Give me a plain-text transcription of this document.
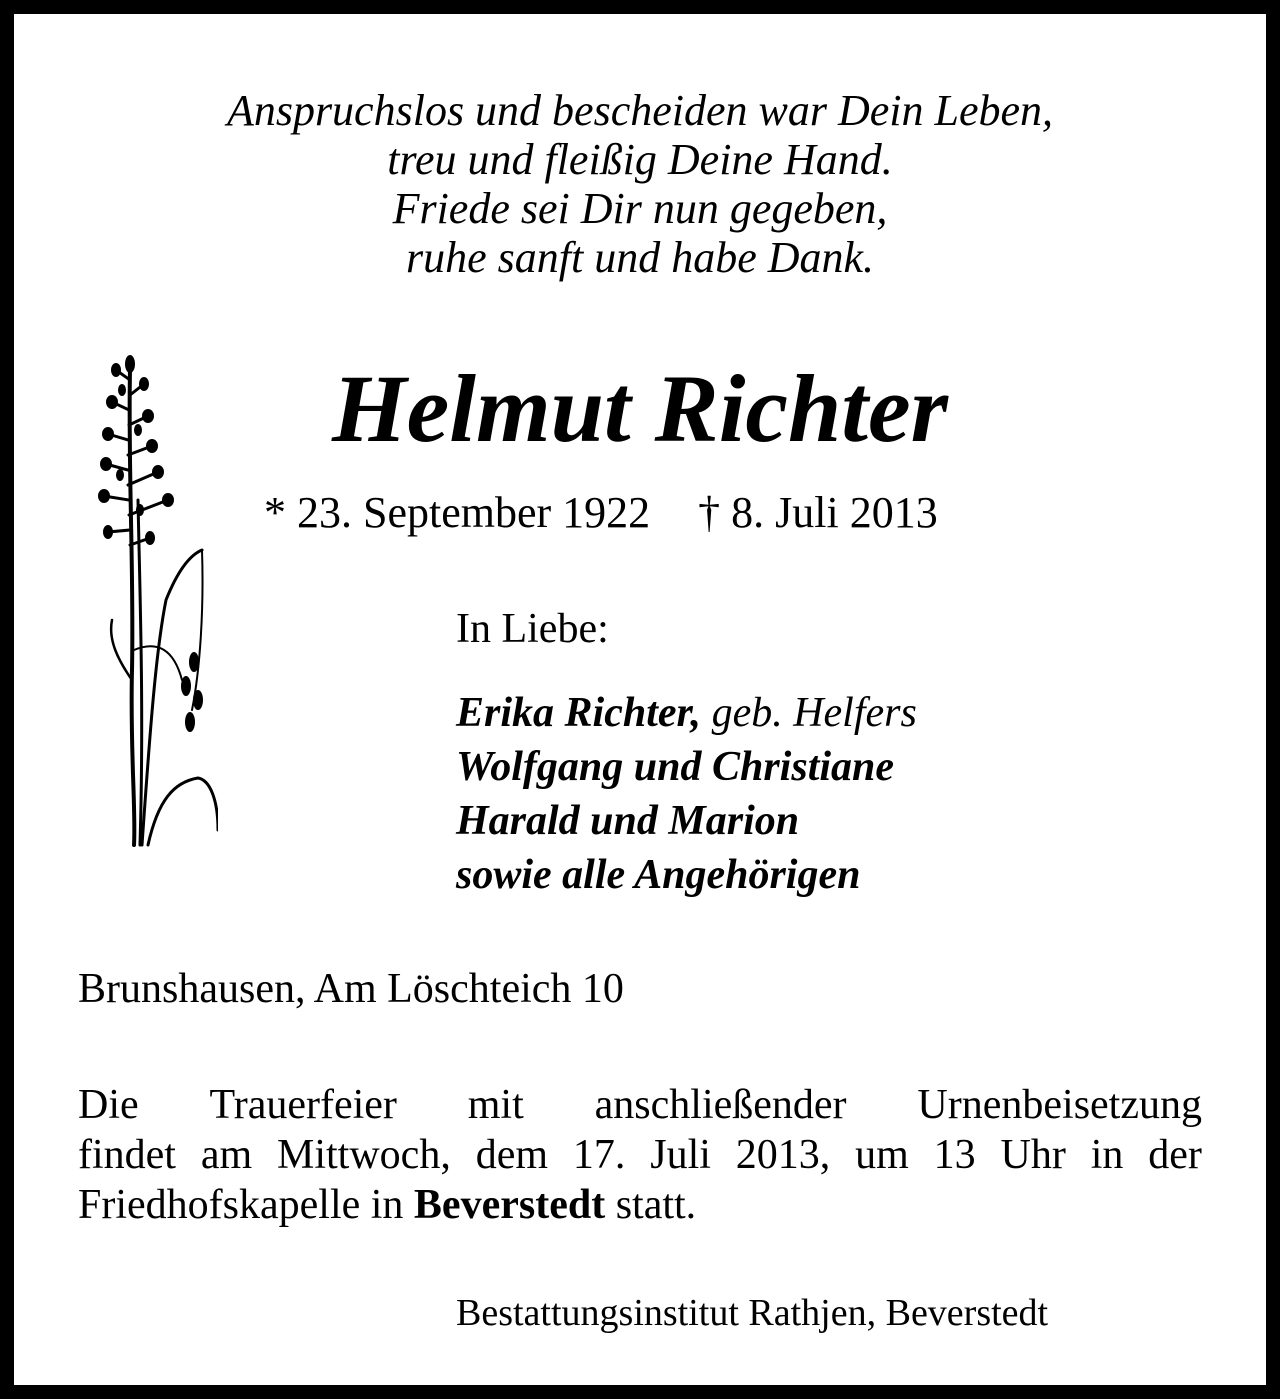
Anspruchslos und bescheiden war Dein Leben,
treu und fleißig Deine Hand.
Friede sei Dir nun gegeben,
ruhe sanft und habe Dank.
Helmut Richter
* 23. September 1922 † 8. Juli 2013
In Liebe:
Erika Richter, geb. Helfers
Wolfgang und Christiane
Harald und Marion
sowie alle Angehörigen
Brunshausen, Am Löschteich 10
Die Trauerfeier mit anschließender Urnenbeisetzung
findet am Mittwoch, dem 17. Juli 2013, um 13 Uhr in der
Friedhofskapelle in Beverstedt statt.
Bestattungsinstitut Rathjen, Beverstedt
